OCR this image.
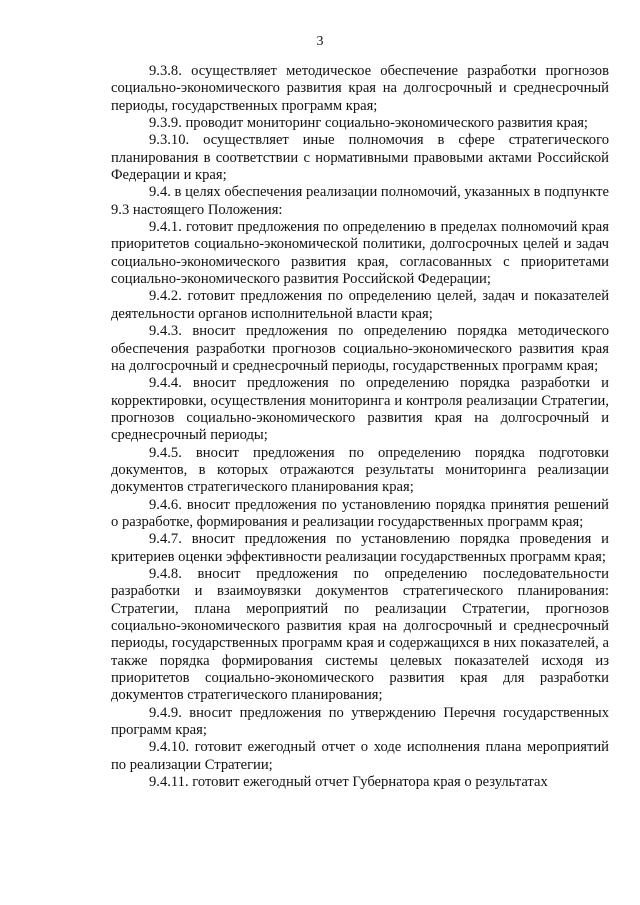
3

9.3.8. осуществляет методическое обеспечение разработки прогнозов социально-экономического развития края на долгосрочный и среднесрочный периоды, государственных программ края;

9.3.9. проводит мониторинг социально-экономического развития края;

9.3.10. осуществляет иные полномочия в сфере стратегического планирования в соответствии с нормативными правовыми актами Российской Федерации и края;

9.4. в целях обеспечения реализации полномочий, указанных в подпункте 9.3 настоящего Положения:

9.4.1. готовит предложения по определению в пределах полномочий края приоритетов социально-экономической политики, долгосрочных целей и задач социально-экономического развития края, согласованных с приоритетами социально-экономического развития Российской Федерации;

9.4.2. готовит предложения по определению целей, задач и показателей деятельности органов исполнительной власти края;

9.4.3. вносит предложения по определению порядка методического обеспечения разработки прогнозов социально-экономического развития края на долгосрочный и среднесрочный периоды, государственных программ края;

9.4.4. вносит предложения по определению порядка разработки и корректировки, осуществления мониторинга и контроля реализации Стратегии, прогнозов социально-экономического развития края на долгосрочный и среднесрочный периоды;

9.4.5. вносит предложения по определению порядка подготовки документов, в которых отражаются результаты мониторинга реализации документов стратегического планирования края;

9.4.6. вносит предложения по установлению порядка принятия решений о разработке, формирования и реализации государственных программ края;

9.4.7. вносит предложения по установлению порядка проведения и критериев оценки эффективности реализации государственных программ края;

9.4.8. вносит предложения по определению последовательности разработки и взаимоувязки документов стратегического планирования: Стратегии, плана мероприятий по реализации Стратегии, прогнозов социально-экономического развития края на долгосрочный и среднесрочный периоды, государственных программ края и содержащихся в них показателей, а также порядка формирования системы целевых показателей исходя из приоритетов социально-экономического развития края для разработки документов стратегического планирования;

9.4.9. вносит предложения по утверждению Перечня государственных программ края;

9.4.10. готовит ежегодный отчет о ходе исполнения плана мероприятий по реализации Стратегии;

9.4.11. готовит ежегодный отчет Губернатора края о результатах
